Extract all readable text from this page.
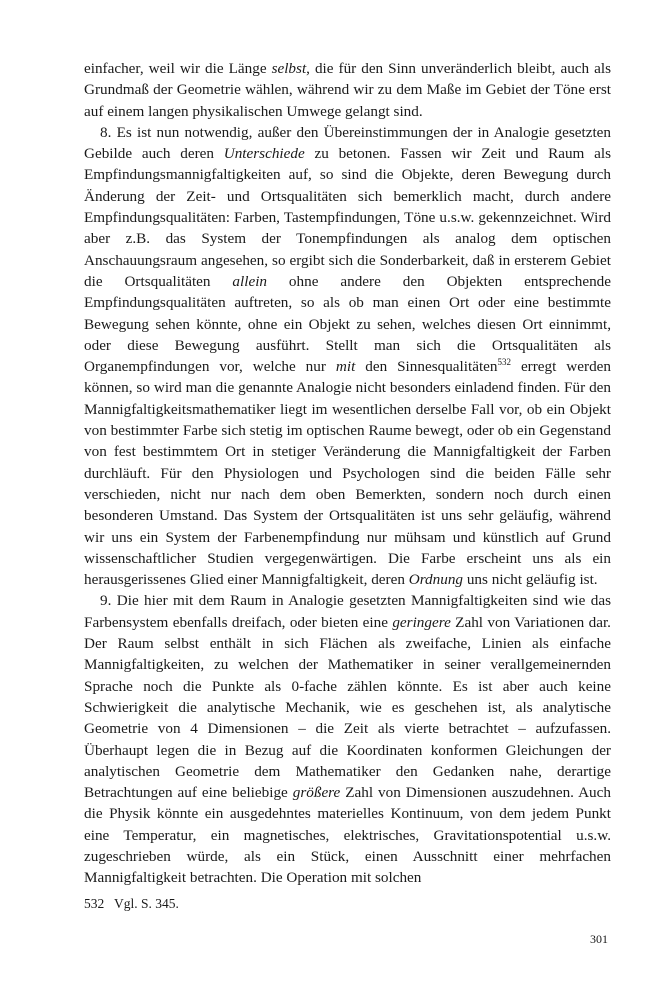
einfacher, weil wir die Länge selbst, die für den Sinn unveränderlich bleibt, auch als Grundmaß der Geometrie wählen, während wir zu dem Maße im Gebiet der Töne erst auf einem langen physikalischen Umwege gelangt sind.

8. Es ist nun notwendig, außer den Übereinstimmungen der in Analogie gesetzten Gebilde auch deren Unterschiede zu betonen. Fassen wir Zeit und Raum als Empfindungsmannigfaltigkeiten auf, so sind die Objekte, deren Bewegung durch Änderung der Zeit- und Ortsqualitäten sich bemerklich macht, durch andere Empfindungsqualitäten: Farben, Tastempfindungen, Töne u.s.w. gekennzeichnet. Wird aber z.B. das System der Tonempfindungen als analog dem optischen Anschauungsraum angesehen, so ergibt sich die Sonderbarkeit, daß in ersterem Gebiet die Ortsqualitäten allein ohne andere den Objekten entsprechende Empfindungsqualitäten auftreten, so als ob man einen Ort oder eine bestimmte Bewegung sehen könnte, ohne ein Objekt zu sehen, welches diesen Ort einnimmt, oder diese Bewegung ausführt. Stellt man sich die Ortsqualitäten als Organempfindungen vor, welche nur mit den Sinnesqualitäten$^{532}$ erregt werden können, so wird man die genannte Analogie nicht besonders einladend finden. Für den Mannigfaltigkeitsmathematiker liegt im wesentlichen derselbe Fall vor, ob ein Objekt von bestimmter Farbe sich stetig im optischen Raume bewegt, oder ob ein Gegenstand von fest bestimmtem Ort in stetiger Veränderung die Mannigfaltigkeit der Farben durchläuft. Für den Physiologen und Psychologen sind die beiden Fälle sehr verschieden, nicht nur nach dem oben Bemerkten, sondern noch durch einen besonderen Umstand. Das System der Ortsqualitäten ist uns sehr geläufig, während wir uns ein System der Farbenempfindung nur mühsam und künstlich auf Grund wissenschaftlicher Studien vergegenwärtigen. Die Farbe erscheint uns als ein herausgerissenes Glied einer Mannigfaltigkeit, deren Ordnung uns nicht geläufig ist.

9. Die hier mit dem Raum in Analogie gesetzten Mannigfaltigkeiten sind wie das Farbensystem ebenfalls dreifach, oder bieten eine geringere Zahl von Variationen dar. Der Raum selbst enthält in sich Flächen als zweifache, Linien als einfache Mannigfaltigkeiten, zu welchen der Mathematiker in seiner verallgemeinernden Sprache noch die Punkte als 0-fache zählen könnte. Es ist aber auch keine Schwierigkeit die analytische Mechanik, wie es geschehen ist, als analytische Geometrie von 4 Dimensionen – die Zeit als vierte betrachtet – aufzufassen. Überhaupt legen die in Bezug auf die Koordinaten konformen Gleichungen der analytischen Geometrie dem Mathematiker den Gedanken nahe, derartige Betrachtungen auf eine beliebige größere Zahl von Dimensionen auszudehnen. Auch die Physik könnte ein ausgedehntes materielles Kontinuum, von dem jedem Punkt eine Temperatur, ein magnetisches, elektrisches, Gravitationspotential u.s.w. zugeschrieben würde, als ein Stück, einen Ausschnitt einer mehrfachen Mannigfaltigkeit betrachten. Die Operation mit solchen

532 Vgl. S. 345.
301
